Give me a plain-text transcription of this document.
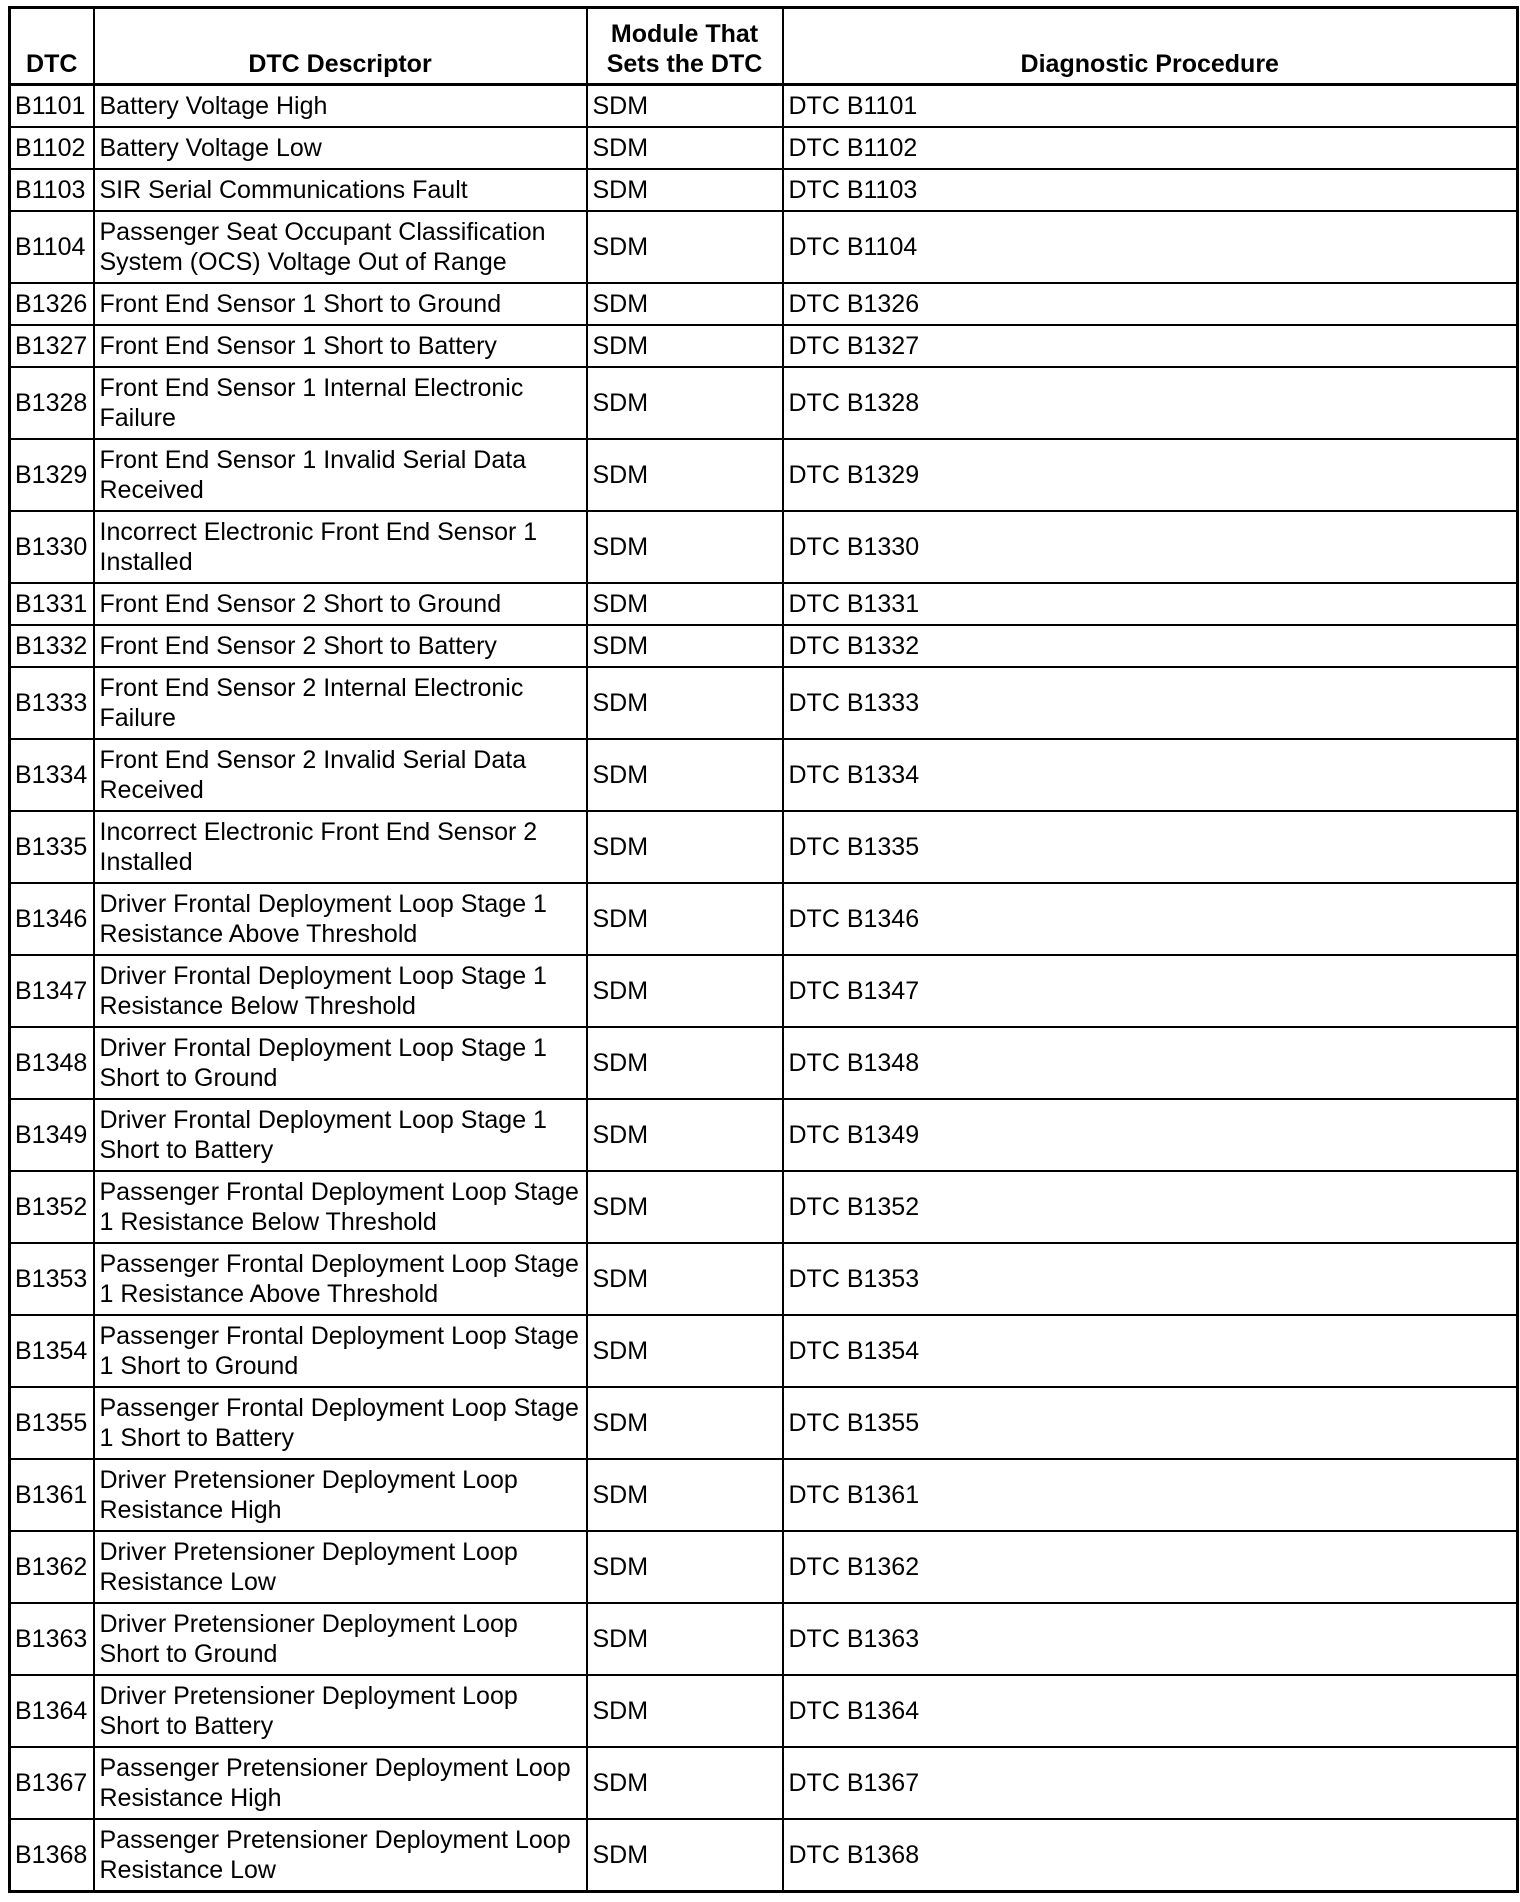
DTC	DTC Descriptor	Module That
Sets the DTC	Diagnostic Procedure
B1101	Battery Voltage High	SDM	DTC B1101
B1102	Battery Voltage Low	SDM	DTC B1102
B1103	SIR Serial Communications Fault	SDM	DTC B1103
B1104	Passenger Seat Occupant Classification
System (OCS) Voltage Out of Range	SDM	DTC B1104
B1326	Front End Sensor 1 Short to Ground	SDM	DTC B1326
B1327	Front End Sensor 1 Short to Battery	SDM	DTC B1327
B1328	Front End Sensor 1 Internal Electronic
Failure	SDM	DTC B1328
B1329	Front End Sensor 1 Invalid Serial Data
Received	SDM	DTC B1329
B1330	Incorrect Electronic Front End Sensor 1
Installed	SDM	DTC B1330
B1331	Front End Sensor 2 Short to Ground	SDM	DTC B1331
B1332	Front End Sensor 2 Short to Battery	SDM	DTC B1332
B1333	Front End Sensor 2 Internal Electronic
Failure	SDM	DTC B1333
B1334	Front End Sensor 2 Invalid Serial Data
Received	SDM	DTC B1334
B1335	Incorrect Electronic Front End Sensor 2
Installed	SDM	DTC B1335
B1346	Driver Frontal Deployment Loop Stage 1
Resistance Above Threshold	SDM	DTC B1346
B1347	Driver Frontal Deployment Loop Stage 1
Resistance Below Threshold	SDM	DTC B1347
B1348	Driver Frontal Deployment Loop Stage 1
Short to Ground	SDM	DTC B1348
B1349	Driver Frontal Deployment Loop Stage 1
Short to Battery	SDM	DTC B1349
B1352	Passenger Frontal Deployment Loop Stage
1 Resistance Below Threshold	SDM	DTC B1352
B1353	Passenger Frontal Deployment Loop Stage
1 Resistance Above Threshold	SDM	DTC B1353
B1354	Passenger Frontal Deployment Loop Stage
1 Short to Ground	SDM	DTC B1354
B1355	Passenger Frontal Deployment Loop Stage
1 Short to Battery	SDM	DTC B1355
B1361	Driver Pretensioner Deployment Loop
Resistance High	SDM	DTC B1361
B1362	Driver Pretensioner Deployment Loop
Resistance Low	SDM	DTC B1362
B1363	Driver Pretensioner Deployment Loop
Short to Ground	SDM	DTC B1363
B1364	Driver Pretensioner Deployment Loop
Short to Battery	SDM	DTC B1364
B1367	Passenger Pretensioner Deployment Loop
Resistance High	SDM	DTC B1367
B1368	Passenger Pretensioner Deployment Loop
Resistance Low	SDM	DTC B1368
